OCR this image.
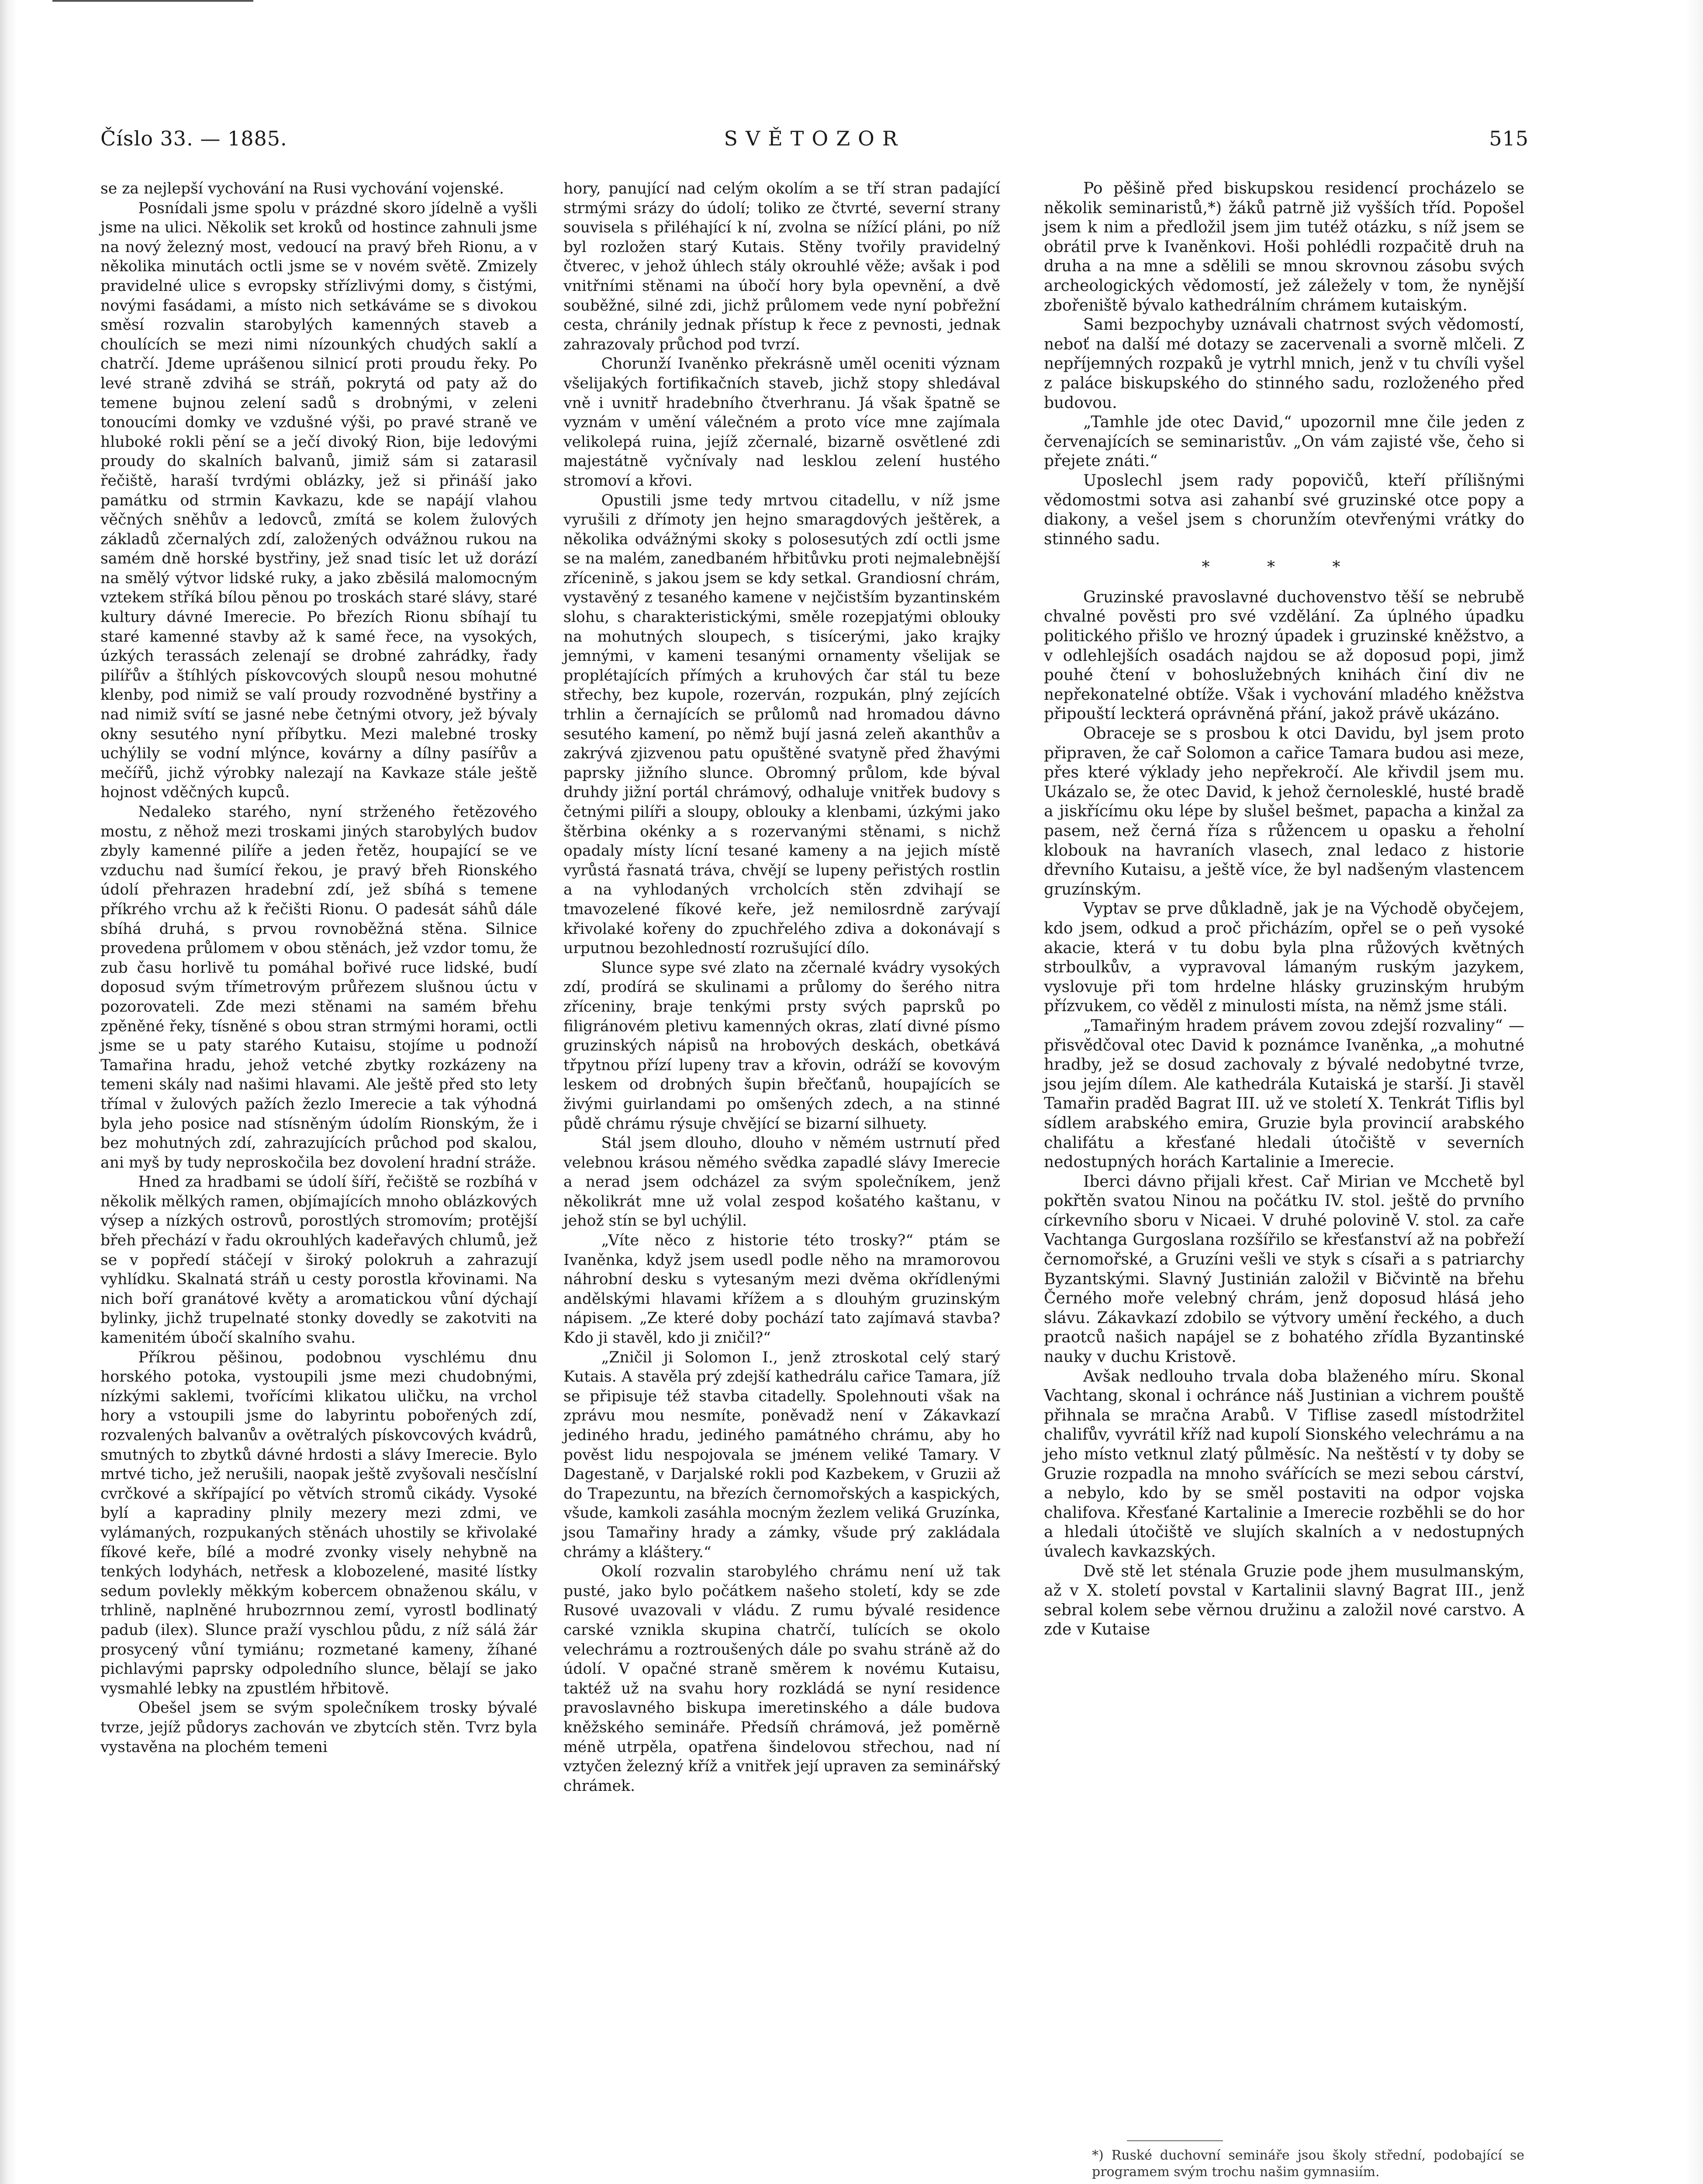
Číslo 33. — 1885.	SVĚTOZOR	515

se za nejlepší vychování na Rusi vychování vojenské.

Posnídali jsme spolu v prázdné skoro jídelně a vyšli jsme na ulici. Několik set kroků od hostince zahnuli jsme na nový železný most, vedoucí na pravý břeh Rionu, a v několika minutách octli jsme se v novém světě. Zmizely pravidelné ulice s evropsky střízlivými domy, s čistými, novými fasádami, a místo nich setkáváme se s divokou směsí rozvalin starobylých kamenných staveb a choulících se mezi nimi nízounkých chudých saklí a chatrčí. Jdeme uprášenou silnicí proti proudu řeky. Po levé straně zdvihá se stráň, pokrytá od paty až do temene bujnou zelení sadů s drobnými, v zeleni tonoucími domky ve vzdušné výši, po pravé straně ve hluboké rokli pění se a ječí divoký Rion, bije ledovými proudy do skalních balvanů, jimiž sám si zatarasil řečiště, haraší tvrdými oblázky, jež si přináší jako památku od strmin Kavkazu, kde se napájí vlahou věčných sněhův a ledovců, zmítá se kolem žulových základů zčernalých zdí, založených odvážnou rukou na samém dně horské bystřiny, jež snad tisíc let už dorází na smělý výtvor lidské ruky, a jako zběsilá malomocným vztekem stříká bílou pěnou po troskách staré slávy, staré kultury dávné Imerecie. Po březích Rionu sbíhají tu staré kamenné stavby až k samé řece, na vysokých, úzkých terassách zelenají se drobné zahrádky, řady pilířův a štíhlých pískovcových sloupů nesou mohutné klenby, pod nimiž se valí proudy rozvodněné bystřiny a nad nimiž svítí se jasné nebe četnými otvory, jež bývaly okny sesutého nyní příbytku. Mezi malebné trosky uchýlily se vodní mlýnce, kovárny a dílny pasířův a mečířů, jichž výrobky nalezají na Kavkaze stále ještě hojnost vděčných kupců.

Nedaleko starého, nyní strženého řetězového mostu, z něhož mezi troskami jiných starobylých budov zbyly kamenné pilíře a jeden řetěz, houpající se ve vzduchu nad šumící řekou, je pravý břeh Rionského údolí přehrazen hradební zdí, jež sbíhá s temene příkrého vrchu až k řečišti Rionu. O padesát sáhů dále sbíhá druhá, s prvou rovnoběžná stěna. Silnice provedena průlomem v obou stěnách, jež vzdor tomu, že zub času horlivě tu pomáhal bořivé ruce lidské, budí doposud svým třímetrovým průřezem slušnou úctu v pozorovateli. Zde mezi stěnami na samém břehu zpěněné řeky, tísněné s obou stran strmými horami, octli jsme se u paty starého Kutaisu, stojíme u podnoží Tamařina hradu, jehož vetché zbytky rozkázeny na temeni skály nad našimi hlavami. Ale ještě před sto lety třímal v žulových pažích žezlo Imerecie a tak výhodná byla jeho posice nad stísněným údolím Rionským, že i bez mohutných zdí, zahrazujících průchod pod skalou, ani myš by tudy neproskočila bez dovolení hradní stráže.

Hned za hradbami se údolí šíří, řečiště se rozbíhá v několik mělkých ramen, objímajících mnoho oblázkových výsep a nízkých ostrovů, porostlých stromovím; protější břeh přechází v řadu okrouhlých kadeřavých chlumů, jež se v popředí stáčejí v široký polokruh a zahrazují vyhlídku. Skalnatá stráň u cesty porostla křovinami. Na nich boří granátové květy a aromatickou vůní dýchají bylinky, jichž trupelnaté stonky dovedly se zakotviti na kamenitém úbočí skalního svahu.

Příkrou pěšinou, podobnou vyschlému dnu horského potoka, vystoupili jsme mezi chudobnými, nízkými saklemi, tvořícími klikatou uličku, na vrchol hory a vstoupili jsme do labyrintu pobořených zdí, rozvalených balvanův a ovětralých pískovcových kvádrů, smutných to zbytků dávné hrdosti a slávy Imerecie. Bylo mrtvé ticho, jež nerušili, naopak ještě zvyšovali nesčíslní cvrčkové a skřípající po větvích stromů cikády. Vysoké bylí a kapradiny plnily mezery mezi zdmi, ve vylámaných, rozpukaných stěnách uhostily se křivolaké fíkové keře, bílé a modré zvonky visely nehybně na tenkých lodyhách, netřesk a klobozelené, masité lístky sedum povlekly měkkým kobercem obnaženou skálu, v trhlině, naplněné hrubozrnnou zemí, vyrostl bodlinatý padub (ilex). Slunce praží vyschlou půdu, z níž sálá žár prosycený vůní tymiánu; rozmetané kameny, žíhané pichlavými paprsky odpoledního slunce, bělají se jako vysmahlé lebky na zpustlém hřbitově.

Obešel jsem se svým společníkem trosky bývalé tvrze, jejíž půdorys zachován ve zbytcích stěn. Tvrz byla vystavěna na plochém temeni

hory, panující nad celým okolím a se tří stran padající strmými srázy do údolí; toliko ze čtvrté, severní strany souvisela s přiléhající k ní, zvolna se nížící pláni, po níž byl rozložen starý Kutais. Stěny tvořily pravidelný čtverec, v jehož úhlech stály okrouhlé věže; avšak i pod vnitřními stěnami na úbočí hory byla opevnění, a dvě souběžné, silné zdi, jichž průlomem vede nyní pobřežní cesta, chránily jednak přístup k řece z pevnosti, jednak zahrazovaly průchod pod tvrzí.

Chorunží Ivaněnko překrásně uměl oceniti význam všelijakých fortifikačních staveb, jichž stopy shledával vně i uvnitř hradebního čtverhranu. Já však špatně se vyznám v umění válečném a proto více mne zajímala velikolepá ruina, jejíž zčernalé, bizarně osvětlené zdi majestátně vyčnívaly nad lesklou zelení hustého stromoví a křovi.

Opustili jsme tedy mrtvou citadellu, v níž jsme vyrušili z dřímoty jen hejno smaragdových ještěrek, a několika odvážnými skoky s polosesutých zdí octli jsme se na malém, zanedbaném hřbitůvku proti nejmalebnější zřícenině, s jakou jsem se kdy setkal. Grandiosní chrám, vystavěný z tesaného kamene v nejčistším byzantinském slohu, s charakteristickými, směle rozepjatými oblouky na mohutných sloupech, s tisícerými, jako krajky jemnými, v kameni tesanými ornamenty všelijak se proplétajících přímých a kruhových čar stál tu beze střechy, bez kupole, rozerván, rozpukán, plný zejících trhlin a černajících se průlomů nad hromadou dávno sesutého kamení, po němž bují jasná zeleň akanthův a zakrývá zjizvenou patu opuštěné svatyně před žhavými paprsky jižního slunce. Obromný průlom, kde býval druhdy jižní portál chrámový, odhaluje vnitřek budovy s četnými pilíři a sloupy, oblouky a klenbami, úzkými jako štěrbina okénky a s rozervanými stěnami, s nichž opadaly místy lícní tesané kameny a na jejich místě vyrůstá řasnatá tráva, chvějí se lupeny peřistých rostlin a na vyhlodaných vrcholcích stěn zdvihají se tmavozelené fíkové keře, jež nemilosrdně zarývají křivolaké kořeny do zpuchřelého zdiva a dokonávají s urputnou bezohledností rozrušující dílo.

Slunce sype své zlato na zčernalé kvádry vysokých zdí, prodírá se skulinami a průlomy do šerého nitra zříceniny, braje tenkými prsty svých paprsků po filigránovém pletivu kamenných okras, zlatí divné písmo gruzinských nápisů na hrobových deskách, obetkává třpytnou přízí lupeny trav a křovin, odráží se kovovým leskem od drobných šupin břečťanů, houpajících se živými guirlandami po omšených zdech, a na stinné půdě chrámu rýsuje chvějící se bizarní silhuety.

Stál jsem dlouho, dlouho v němém ustrnutí před velebnou krásou němého svědka zapadlé slávy Imerecie a nerad jsem odcházel za svým společníkem, jenž několikrát mne už volal zespod košatého kaštanu, v jehož stín se byl uchýlil.

„Víte něco z historie této trosky?“ ptám se Ivaněnka, když jsem usedl podle něho na mramorovou náhrobní desku s vytesaným mezi dvěma okřídlenými andělskými hlavami křížem a s dlouhým gruzinským nápisem. „Ze které doby pochází tato zajímavá stavba? Kdo ji stavěl, kdo ji zničil?“

„Zničil ji Solomon I., jenž ztroskotal celý starý Kutais. A stavěla prý zdejší kathedrálu cařice Tamara, jíž se připisuje též stavba citadelly. Spolehnouti však na zprávu mou nesmíte, poněvadž není v Zákavkazí jediného hradu, jediného památného chrámu, aby ho pověst lidu nespojovala se jménem veliké Tamary. V Dagestaně, v Darjalské rokli pod Kazbekem, v Gruzii až do Trapezuntu, na březích černomořských a kaspických, všude, kamkoli zasáhla mocným žezlem veliká Gruzínka, jsou Tamařiny hrady a zámky, všude prý zakládala chrámy a kláštery.“

Okolí rozvalin starobylého chrámu není už tak pusté, jako bylo počátkem našeho století, kdy se zde Rusové uvazovali v vládu. Z rumu bývalé residence carské vznikla skupina chatrčí, tulících se okolo velechrámu a roztroušených dále po svahu stráně až do údolí. V opačné straně směrem k novému Kutaisu, taktéž už na svahu hory rozkládá se nyní residence pravoslavného biskupa imeretinského a dále budova kněžského semináře. Předsíň chrámová, jež poměrně méně utrpěla, opatřena šindelovou střechou, nad ní vztyčen železný kříž a vnitřek její upraven za seminářský chrámek.

Po pěšině před biskupskou residencí procházelo se několik seminaristů,*) žáků patrně již vyšších tříd. Popošel jsem k nim a předložil jsem jim tutéž otázku, s níž jsem se obrátil prve k Ivaněnkovi. Hoši pohlédli rozpačitě druh na druha a na mne a sdělili se mnou skrovnou zásobu svých archeologických vědomostí, jež záležely v tom, že nynější zbořeniště bývalo kathedrálním chrámem kutaiským.

Sami bezpochyby uznávali chatrnost svých vědomostí, neboť na další mé dotazy se zacervenali a svorně mlčeli. Z nepříjemných rozpaků je vytrhl mnich, jenž v tu chvíli vyšel z paláce biskupského do stinného sadu, rozloženého před budovou.

„Tamhle jde otec David,“ upozornil mne čile jeden z červenajících se seminaristův. „On vám zajisté vše, čeho si přejete znáti.“

Uposlechl jsem rady popovičů, kteří přílišnými vědomostmi sotva asi zahanbí své gruzinské otce popy a diakony, a vešel jsem s chorunžím otevřenými vrátky do stinného sadu.

* * *

Gruzinské pravoslavné duchovenstvo těší se nebrubě chvalné pověsti pro své vzdělání. Za úplného úpadku politického přišlo ve hrozný úpadek i gruzinské kněžstvo, a v odlehlejších osadách najdou se až doposud popi, jimž pouhé čtení v bohoslužebných knihách činí div ne nepřekonatelné obtíže. Však i vychování mladého kněžstva připouští leckterá oprávněná přání, jakož právě ukázáno.

Obraceje se s prosbou k otci Davidu, byl jsem proto připraven, že cař Solomon a cařice Tamara budou asi meze, přes které výklady jeho nepřekročí. Ale křivdil jsem mu. Ukázalo se, že otec David, k jehož černolesklé, husté bradě a jiskřícímu oku lépe by slušel bešmet, papacha a kinžal za pasem, než černá říza s růžencem u opasku a řeholní klobouk na havraních vlasech, znal ledaco z historie dřevního Kutaisu, a ještě více, že byl nadšeným vlastencem gruzínským.

Vyptav se prve důkladně, jak je na Východě obyčejem, kdo jsem, odkud a proč přicházím, opřel se o peň vysoké akacie, která v tu dobu byla plna růžových květných strboulkův, a vypravoval lámaným ruským jazykem, vyslovuje při tom hrdelne hlásky gruzinským hrubým přízvukem, co věděl z minulosti místa, na němž jsme stáli.

„Tamařiným hradem právem zovou zdejší rozvaliny“ — přisvědčoval otec David k poznámce Ivaněnka, „a mohutné hradby, jež se dosud zachovaly z bývalé nedobytné tvrze, jsou jejím dílem. Ale kathedrála Kutaiská je starší. Ji stavěl Tamařin praděd Bagrat III. už ve století X. Tenkrát Tiflis byl sídlem arabského emira, Gruzie byla provincií arabského chalifátu a křesťané hledali útočiště v severních nedostupných horách Kartalinie a Imerecie.

Iberci dávno přijali křest. Cař Mirian ve Mcchetě byl pokřtěn svatou Ninou na počátku IV. stol. ještě do prvního církevního sboru v Nicaei. V druhé polovině V. stol. za caře Vachtanga Gurgoslana rozšířilo se křesťanství až na pobřeží černomořské, a Gruzíni vešli ve styk s císaři a s patriarchy Byzantskými. Slavný Justinián založil v Bičvintě na břehu Černého moře velebný chrám, jenž doposud hlásá jeho slávu. Zákavkazí zdobilo se výtvory umění řeckého, a duch praotců našich napájel se z bohatého zřídla Byzantinské nauky v duchu Kristově.

Avšak nedlouho trvala doba blaženého míru. Skonal Vachtang, skonal i ochránce náš Justinian a vichrem pouště přihnala se mračna Arabů. V Tiflise zasedl místodržitel chalifův, vyvrátil kříž nad kupolí Sionského velechrámu a na jeho místo vetknul zlatý půlměsíc. Na neštěstí v ty doby se Gruzie rozpadla na mnoho svářících se mezi sebou cárství, a nebylo, kdo by se směl postaviti na odpor vojska chalifova. Křesťané Kartalinie a Imerecie rozběhli se do hor a hledali útočiště ve slujích skalních a v nedostupných úvalech kavkazských.

Dvě stě let sténala Gruzie pode jhem musulmanským, až v X. století povstal v Kartalinii slavný Bagrat III., jenž sebral kolem sebe věrnou družinu a založil nové carstvo. A zde v Kutaise

*) Ruské duchovní semináře jsou školy střední, podobající se programem svým trochu našim gymnasiím.
